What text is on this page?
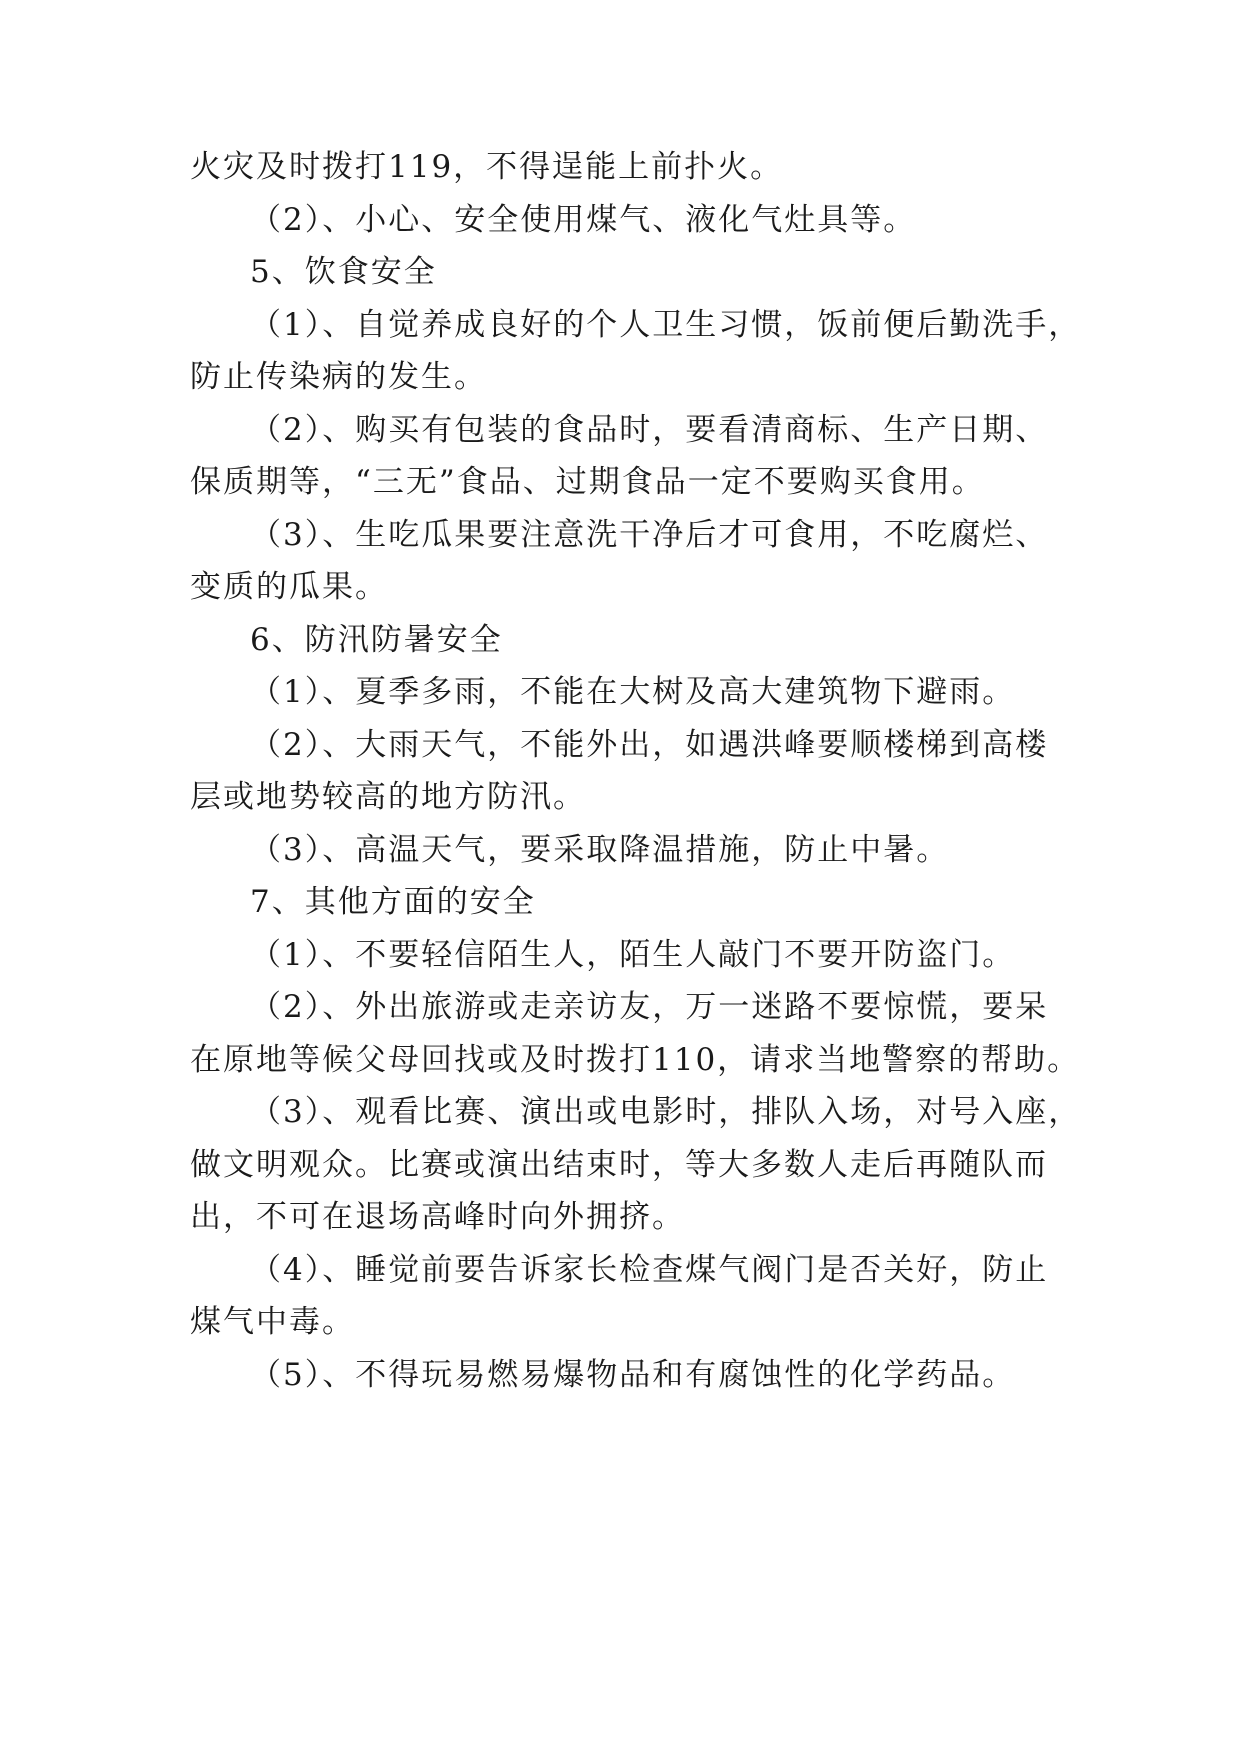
火灾及时拨打119，不得逞能上前扑火。
（2）、小心、安全使用煤气、液化气灶具等。
5、饮食安全
（1）、自觉养成良好的个人卫生习惯，饭前便后勤洗手，
防止传染病的发生。
（2）、购买有包装的食品时，要看清商标、生产日期、
保质期等，“三无”食品、过期食品一定不要购买食用。
（3）、生吃瓜果要注意洗干净后才可食用，不吃腐烂、
变质的瓜果。
6、防汛防暑安全
（1）、夏季多雨，不能在大树及高大建筑物下避雨。
（2）、大雨天气，不能外出，如遇洪峰要顺楼梯到高楼
层或地势较高的地方防汛。
（3）、高温天气，要采取降温措施，防止中暑。
7、其他方面的安全
（1）、不要轻信陌生人，陌生人敲门不要开防盗门。
（2）、外出旅游或走亲访友，万一迷路不要惊慌，要呆
在原地等候父母回找或及时拨打110，请求当地警察的帮助。
（3）、观看比赛、演出或电影时，排队入场，对号入座，
做文明观众。比赛或演出结束时，等大多数人走后再随队而
出，不可在退场高峰时向外拥挤。
（4）、睡觉前要告诉家长检查煤气阀门是否关好，防止
煤气中毒。
（5）、不得玩易燃易爆物品和有腐蚀性的化学药品。
